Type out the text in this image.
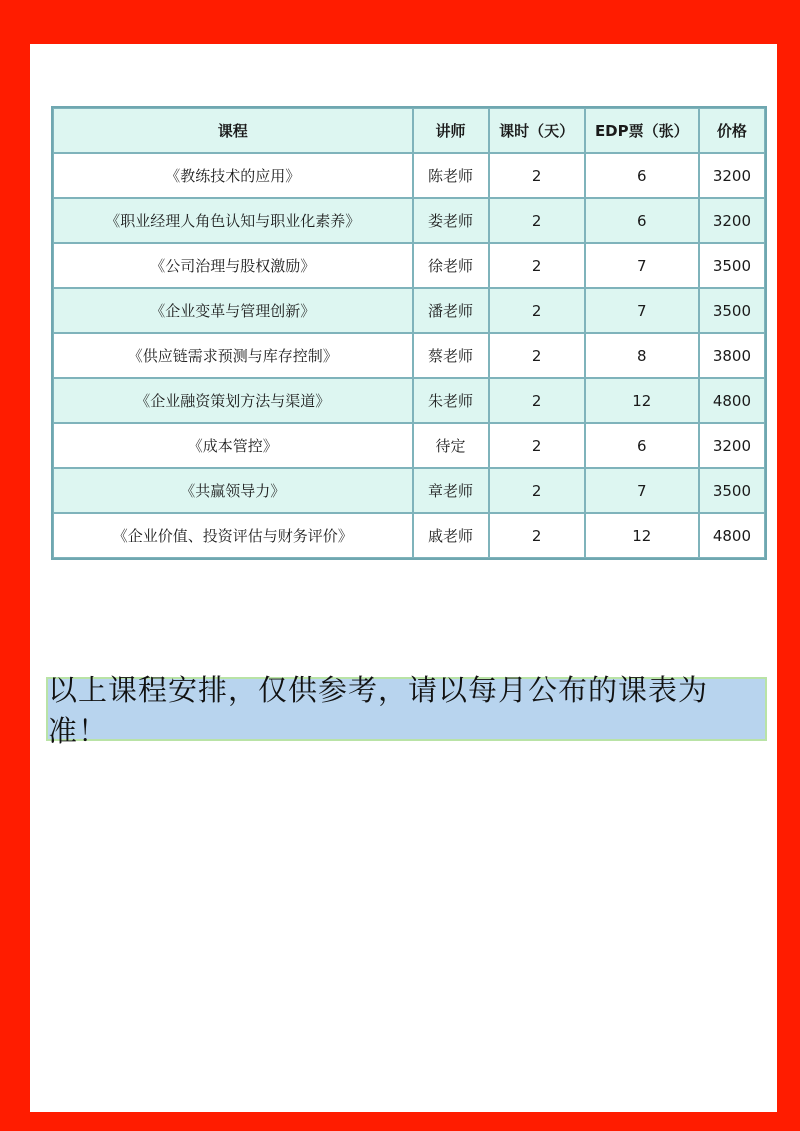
课程	讲师	课时（天）	EDP票（张）	价格
《教练技术的应用》	陈老师	2	6	3200
《职业经理人角色认知与职业化素养》	娄老师	2	6	3200
《公司治理与股权激励》	徐老师	2	7	3500
《企业变革与管理创新》	潘老师	2	7	3500
《供应链需求预测与库存控制》	蔡老师	2	8	3800
《企业融资策划方法与渠道》	朱老师	2	12	4800
《成本管控》	待定	2	6	3200
《共赢领导力》	章老师	2	7	3500
《企业价值、投资评估与财务评价》	戚老师	2	12	4800
以上课程安排，仅供参考，请以每月公布的课表为准！
